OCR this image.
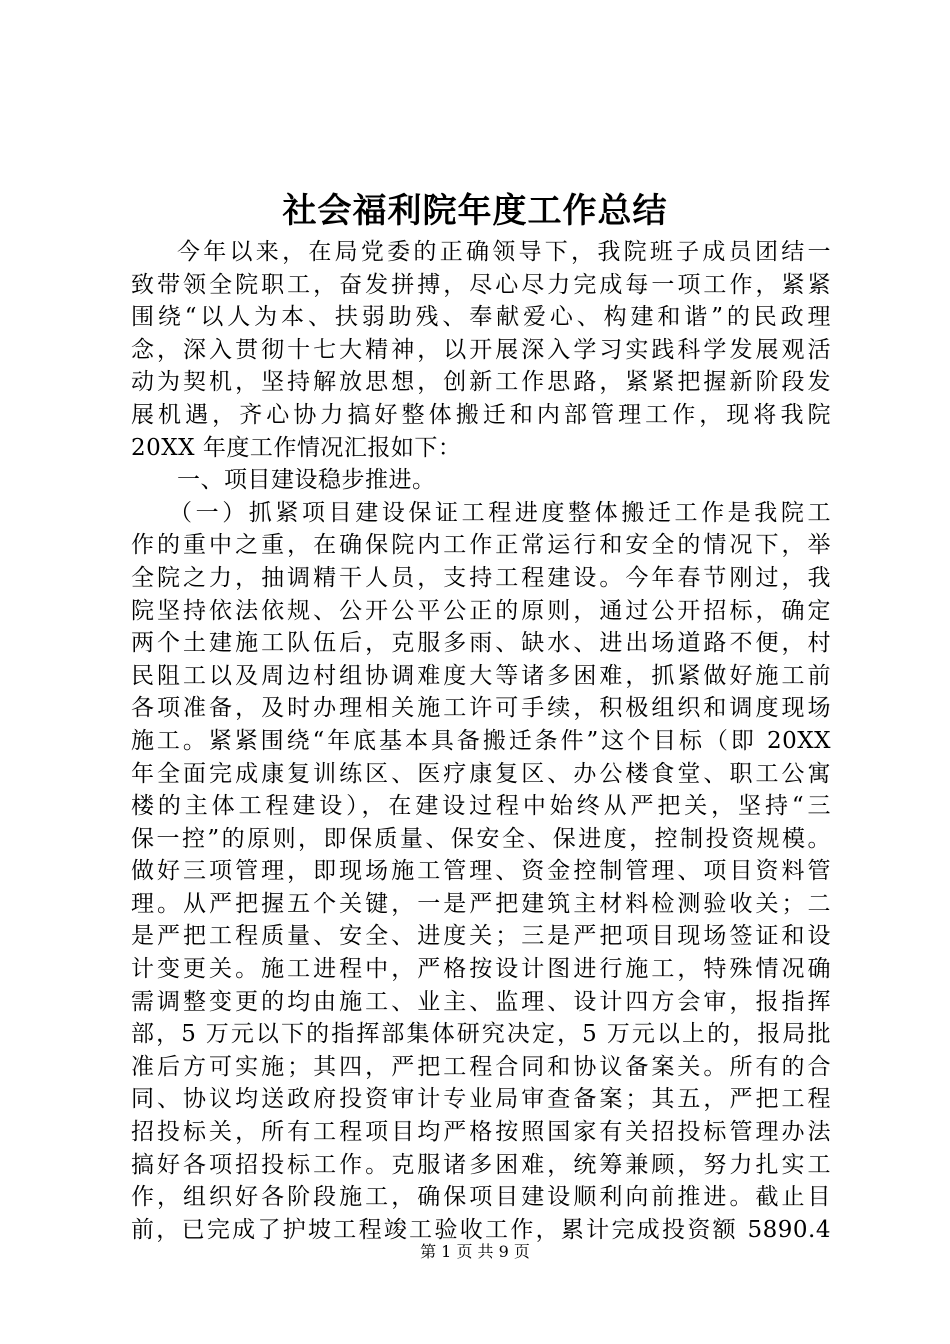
社会福利院年度工作总结
今年以来，在局党委的正确领导下，我院班子成员团结一
致带领全院职工，奋发拼搏，尽心尽力完成每一项工作，紧紧
围绕“以人为本、扶弱助残、奉献爱心、构建和谐”的民政理
念，深入贯彻十七大精神，以开展深入学习实践科学发展观活
动为契机，坚持解放思想，创新工作思路，紧紧把握新阶段发
展机遇，齐心协力搞好整体搬迁和内部管理工作，现将我院
20XX 年度工作情况汇报如下：
一、项目建设稳步推进。
（一）抓紧项目建设保证工程进度整体搬迁工作是我院工
作的重中之重，在确保院内工作正常运行和安全的情况下，举
全院之力，抽调精干人员，支持工程建设。今年春节刚过，我
院坚持依法依规、公开公平公正的原则，通过公开招标，确定
两个土建施工队伍后，克服多雨、缺水、进出场道路不便，村
民阻工以及周边村组协调难度大等诸多困难，抓紧做好施工前
各项准备，及时办理相关施工许可手续，积极组织和调度现场
施工。紧紧围绕“年底基本具备搬迁条件”这个目标（即 20XX
年全面完成康复训练区、医疗康复区、办公楼食堂、职工公寓
楼的主体工程建设），在建设过程中始终从严把关，坚持“三
保一控”的原则，即保质量、保安全、保进度，控制投资规模。
做好三项管理，即现场施工管理、资金控制管理、项目资料管
理。从严把握五个关键，一是严把建筑主材料检测验收关；二
是严把工程质量、安全、进度关；三是严把项目现场签证和设
计变更关。施工进程中，严格按设计图进行施工，特殊情况确
需调整变更的均由施工、业主、监理、设计四方会审，报指挥
部，5 万元以下的指挥部集体研究决定，5 万元以上的，报局批
准后方可实施；其四，严把工程合同和协议备案关。所有的合
同、协议均送政府投资审计专业局审查备案；其五，严把工程
招投标关，所有工程项目均严格按照国家有关招投标管理办法
搞好各项招投标工作。克服诸多困难，统筹兼顾，努力扎实工
作，组织好各阶段施工，确保项目建设顺利向前推进。截止目
前，已完成了护坡工程竣工验收工作，累计完成投资额 5890.4
第 1 页 共 9 页
